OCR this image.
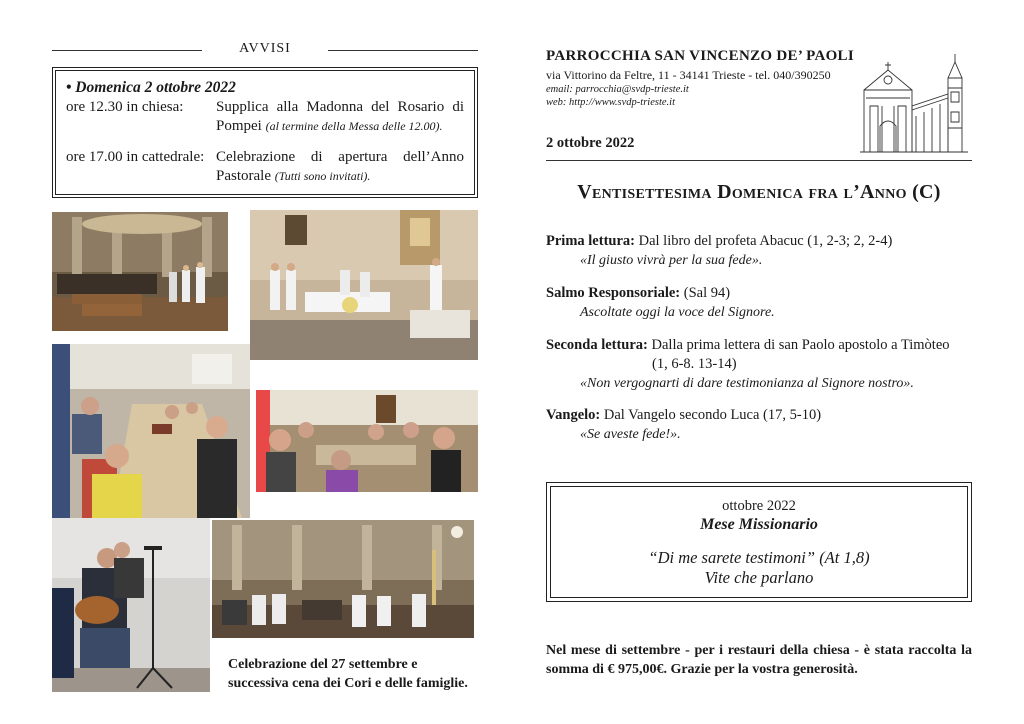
AVVISI
• Domenica 2 ottobre 2022
ore 12.30 in chiesa:	Supplica alla Madonna del Rosario di Pompei (al termine della Messa delle 12.00).
ore 17.00 in cattedrale: Celebrazione di apertura dell’Anno Pastorale (Tutti sono invitati).
Celebrazione del 27 settembre e successiva cena dei Cori e delle famiglie.
PARROCCHIA SAN VINCENZO DE’ PAOLI
via Vittorino da Feltre, 11 - 34141 Trieste - tel. 040/390250
email: parrocchia@svdp-trieste.it
web: http://www.svdp-trieste.it
2 ottobre 2022
Ventisettesima Domenica fra l’Anno (C)
Prima lettura: Dal libro del profeta Abacuc (1, 2-3; 2, 2-4)
«Il giusto vivrà per la sua fede».
Salmo Responsoriale: (Sal 94)
Ascoltate oggi la voce del Signore.
Seconda lettura: Dalla prima lettera di san Paolo apostolo a Timòteo
(1, 6-8. 13-14)
«Non vergognarti di dare testimonianza al Signore nostro».
Vangelo: Dal Vangelo secondo Luca (17, 5-10)
«Se aveste fede!».
ottobre 2022
Mese Missionario
“Di me sarete testimoni” (At 1,8)
Vite che parlano
Nel mese di settembre - per i restauri della chiesa - è stata raccolta la somma di € 975,00€. Grazie per la vostra generosità.
